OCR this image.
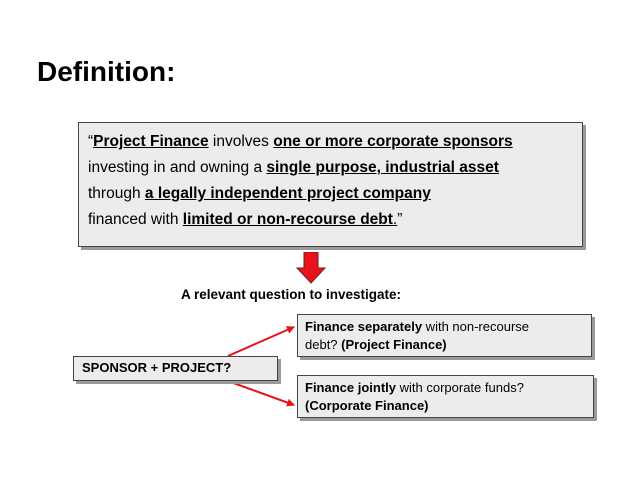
Definition:
“Project Finance involves one or more corporate sponsors
investing in and owning a single purpose, industrial asset
through a legally independent project company
financed with limited or non-recourse debt.”
A relevant question to investigate:
SPONSOR + PROJECT?
Finance separately with non-recourse
debt? (Project Finance)
Finance jointly with corporate funds?
(Corporate Finance)
